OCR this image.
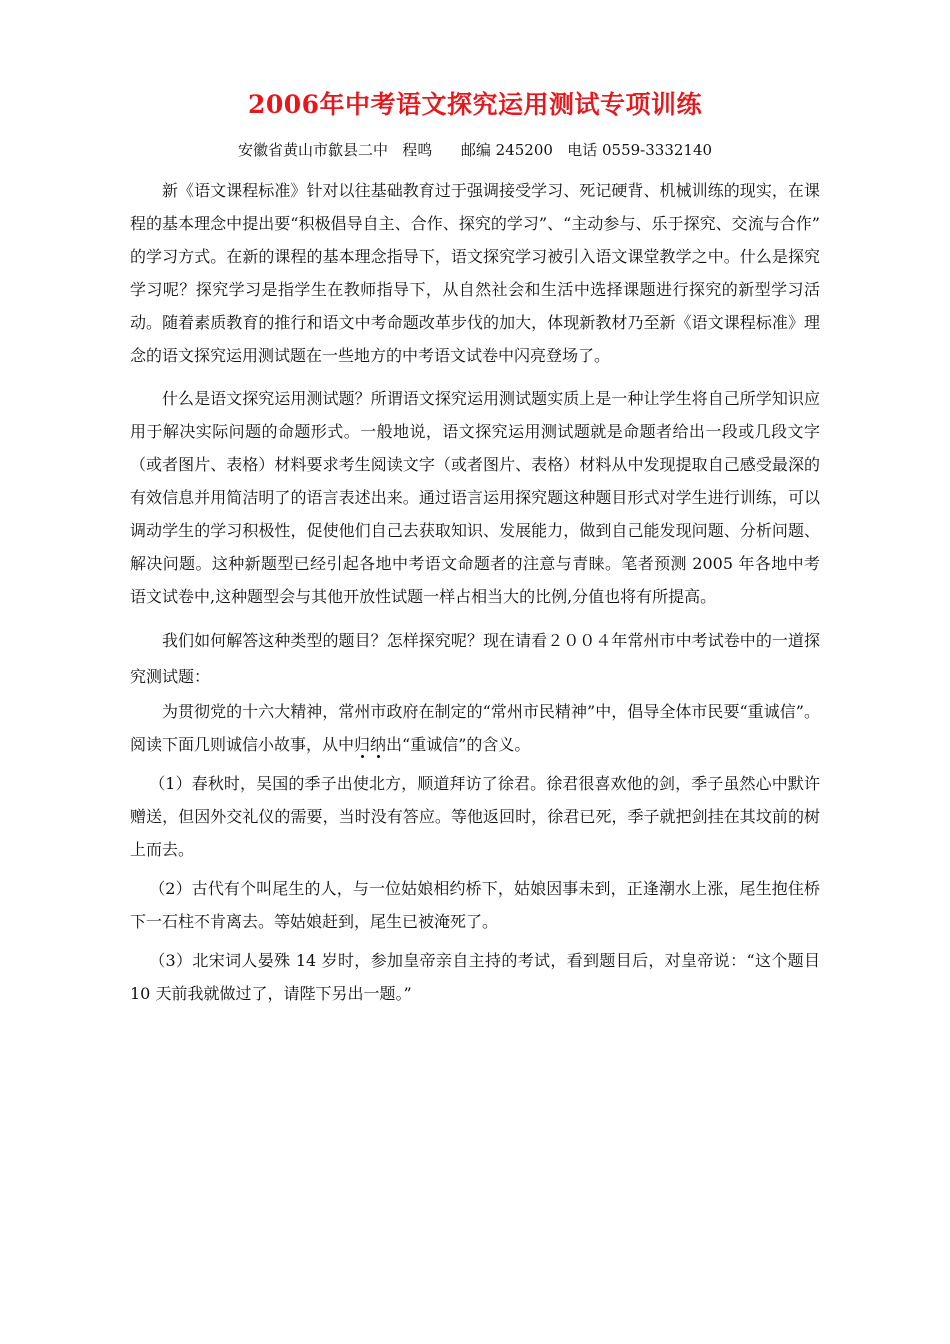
2006年中考语文探究运用测试专项训练

安徽省黄山市歙县二中   程鸣      邮编 245200   电话 0559-3332140

新《语文课程标准》针对以往基础教育过于强调接受学习、死记硬背、机械训练的现实，在课程的基本理念中提出要“积极倡导自主、合作、探究的学习”、“主动参与、乐于探究、交流与合作” 的学习方式。在新的课程的基本理念指导下，语文探究学习被引入语文课堂教学之中。什么是探究学习呢？探究学习是指学生在教师指导下，从自然社会和生活中选择课题进行探究的新型学习活动。随着素质教育的推行和语文中考命题改革步伐的加大，体现新教材乃至新《语文课程标准》理念的语文探究运用测试题在一些地方的中考语文试卷中闪亮登场了。

什么是语文探究运用测试题？所谓语文探究运用测试题实质上是一种让学生将自己所学知识应用于解决实际问题的命题形式。一般地说，语文探究运用测试题就是命题者给出一段或几段文字（或者图片、表格）材料要求考生阅读文字（或者图片、表格）材料从中发现提取自己感受最深的有效信息并用简洁明了的语言表述出来。通过语言运用探究题这种题目形式对学生进行训练，可以调动学生的学习积极性，促使他们自己去获取知识、发展能力，做到自己能发现问题、分析问题、解决问题。这种新题型已经引起各地中考语文命题者的注意与青睐。笔者预测 2005 年各地中考语文试卷中,这种题型会与其他开放性试题一样占相当大的比例,分值也将有所提高。

我们如何解答这种类型的题目？怎样探究呢？现在请看２００４年常州市中考试卷中的一道探究测试题：

为贯彻党的十六大精神，常州市政府在制定的“常州市民精神”中，倡导全体市民要“重诚信”。阅读下面几则诚信小故事，从中归纳出“重诚信”的含义。

（1）春秋时，吴国的季子出使北方，顺道拜访了徐君。徐君很喜欢他的剑，季子虽然心中默许赠送，但因外交礼仪的需要，当时没有答应。等他返回时，徐君已死，季子就把剑挂在其坟前的树上而去。

（2）古代有个叫尾生的人，与一位姑娘相约桥下，姑娘因事未到，正逢潮水上涨，尾生抱住桥下一石柱不肯离去。等姑娘赶到，尾生已被淹死了。

（3）北宋词人晏殊 14 岁时，参加皇帝亲自主持的考试，看到题目后，对皇帝说：“这个题目 10 天前我就做过了，请陛下另出一题。”
